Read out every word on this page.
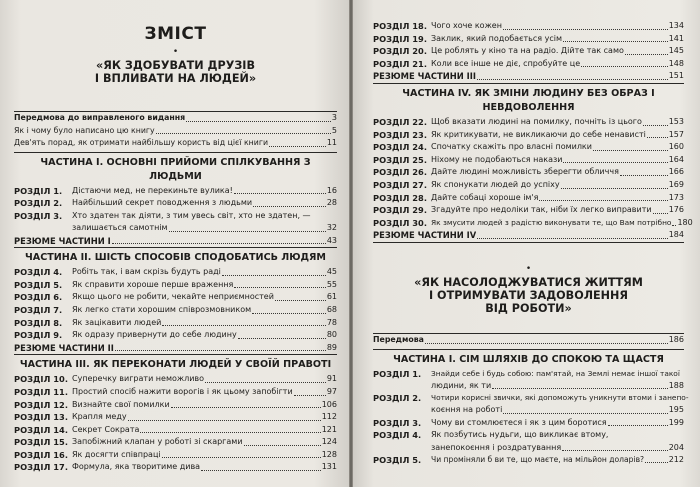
ЗМІСТ
•
«ЯК ЗДОБУВАТИ ДРУЗІВ
І ВПЛИВАТИ НА ЛЮДЕЙ»
Передмова до виправленого видання	3
Як і чому було написано цю книгу	5
Дев'ять порад, як отримати найбільшу користь від цієї книги	11
ЧАСТИНА І. ОСНОВНІ ПРИЙОМИ СПІЛКУВАННЯ З ЛЮДЬМИ
РОЗДІЛ 1.	Дістаючи мед, не перекиньте вулика!	16
РОЗДІЛ 2.	Найбільший секрет поводження з людьми	28
РОЗДІЛ 3.	Хто здатен так діяти, з тим увесь світ, хто не здатен, —
залишається самотнім	32
РЕЗЮМЕ ЧАСТИНИ І	43
ЧАСТИНА ІІ. ШІСТЬ СПОСОБІВ СПОДОБАТИСЬ ЛЮДЯМ
РОЗДІЛ 4.	Робіть так, і вам скрізь будуть раді	45
РОЗДІЛ 5.	Як справити хороше перше враження	55
РОЗДІЛ 6.	Якщо цього не робити, чекайте неприємностей	61
РОЗДІЛ 7.	Як легко стати хорошим співрозмовником	68
РОЗДІЛ 8.	Як зацікавити людей	78
РОЗДІЛ 9.	Як одразу привернути до себе людину	80
РЕЗЮМЕ ЧАСТИНИ ІІ	89
ЧАСТИНА ІІІ. ЯК ПЕРЕКОНАТИ ЛЮДЕЙ У СВОЇЙ ПРАВОТІ
РОЗДІЛ 10. Суперечку виграти неможливо	91
РОЗДІЛ 11. Простий спосіб нажити ворогів і як цьому запобігти	97
РОЗДІЛ 12. Визнайте свої помилки	106
РОЗДІЛ 13. Крапля меду	112
РОЗДІЛ 14. Секрет Сократа	121
РОЗДІЛ 15. Запобіжний клапан у роботі зі скаргами	124
РОЗДІЛ 16. Як досягти співпраці	128
РОЗДІЛ 17. Формула, яка творитиме дива	131
РОЗДІЛ 18. Чого хоче кожен	134
РОЗДІЛ 19. Заклик, який подобається усім	141
РОЗДІЛ 20. Це роблять у кіно та на радіо. Дійте так само	145
РОЗДІЛ 21. Коли все інше не діє, спробуйте це	148
РЕЗЮМЕ ЧАСТИНИ ІІІ	151
ЧАСТИНА IV. ЯК ЗМІНИ ЛЮДИНУ БЕЗ ОБРАЗ І НЕВДОВОЛЕННЯ
РОЗДІЛ 22. Щоб вказати людині на помилку, почніть із цього	153
РОЗДІЛ 23. Як критикувати, не викликаючи до себе ненависті	157
РОЗДІЛ 24. Спочатку скажіть про власні помилки	160
РОЗДІЛ 25. Ніхому не подобаються накази	164
РОЗДІЛ 26. Дайте людині можливість зберегти обличчя	166
РОЗДІЛ 27. Як спонукати людей до успіху	169
РОЗДІЛ 28. Дайте собаці хороше ім'я	173
РОЗДІЛ 29. Згадуйте про недоліки так, ніби їх легко виправити 176
РОЗДІЛ 30. Як змусити людей з радістю виконувати те, що Вам потрібно 180
РЕЗЮМЕ ЧАСТИНИ IV	184
•
«ЯК НАСОЛОДЖУВАТИСЯ ЖИТТЯМ
І ОТРИМУВАТИ ЗАДОВОЛЕННЯ
ВІД РОБОТИ»
Передмова	186
ЧАСТИНА І. СІМ ШЛЯХІВ ДО СПОКОЮ ТА ЩАСТЯ
РОЗДІЛ 1.	Знайди себе і будь собою: пам'ятай, на Землі немає іншої такої
людини, як ти	188
РОЗДІЛ 2.	Чотири корисні звички, які допоможуть уникнути втоми і занепо-
коєння на роботі	195
РОЗДІЛ 3.	Чому ви стомлюєтеся і як з цим боротися	199
РОЗДІЛ 4.	Як позбутись нудьги, що викликає втому,
занепокоєння і роздратування	204
РОЗДІЛ 5.	Чи проміняли б ви те, що маєте, на мільйон доларів?	212
